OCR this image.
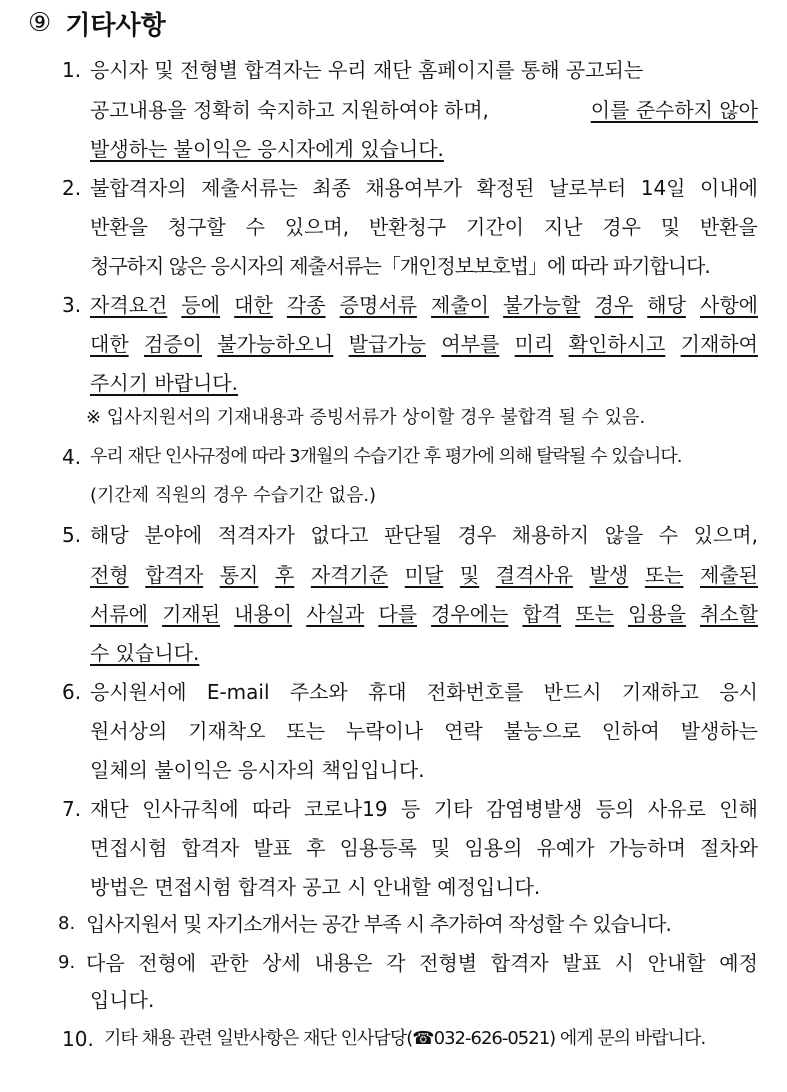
⑨ 기타사항
1. 응시자 및 전형별 합격자는 우리 재단 홈페이지를 통해 공고되는
공고내용을 정확히 숙지하고 지원하여야 하며,	이를 준수하지 않아
발생하는 불이익은 응시자에게 있습니다.
2. 불합격자의 제출서류는 최종 채용여부가 확정된 날로부터 14일 이내에
반환을 청구할 수 있으며, 반환청구 기간이 지난 경우 및 반환을
청구하지 않은 응시자의 제출서류는「개인정보보호법」에 따라 파기합니다.
3. 자격요건 등에 대한 각종 증명서류 제출이 불가능할 경우 해당 사항에
대한 검증이 불가능하오니 발급가능 여부를 미리 확인하시고 기재하여
주시기 바랍니다.
※ 입사지원서의 기재내용과 증빙서류가 상이할 경우 불합격 될 수 있음.
4. 우리 재단 인사규정에 따라 3개월의 수습기간 후 평가에 의해 탈락될 수 있습니다.
(기간제 직원의 경우 수습기간 없음.)
5. 해당 분야에 적격자가 없다고 판단될 경우 채용하지 않을 수 있으며,
전형 합격자 통지 후 자격기준 미달 및 결격사유 발생 또는 제출된
서류에 기재된 내용이 사실과 다를 경우에는 합격 또는 임용을 취소할
수 있습니다.
6. 응시원서에 E-mail 주소와 휴대 전화번호를 반드시 기재하고 응시
원서상의 기재착오 또는 누락이나 연락 불능으로 인하여 발생하는
일체의 불이익은 응시자의 책임입니다.
7. 재단 인사규칙에 따라 코로나19 등 기타 감염병발생 등의 사유로 인해
면접시험 합격자 발표 후 임용등록 및 임용의 유예가 가능하며 절차와
방법은 면접시험 합격자 공고 시 안내할 예정입니다.
8. 입사지원서 및 자기소개서는 공간 부족 시 추가하여 작성할 수 있습니다.
9. 다음 전형에 관한 상세 내용은 각 전형별 합격자 발표 시 안내할 예정
입니다.
10. 기타 채용 관련 일반사항은 재단 인사담당(☎032-626-0521) 에게 문의 바랍니다.
